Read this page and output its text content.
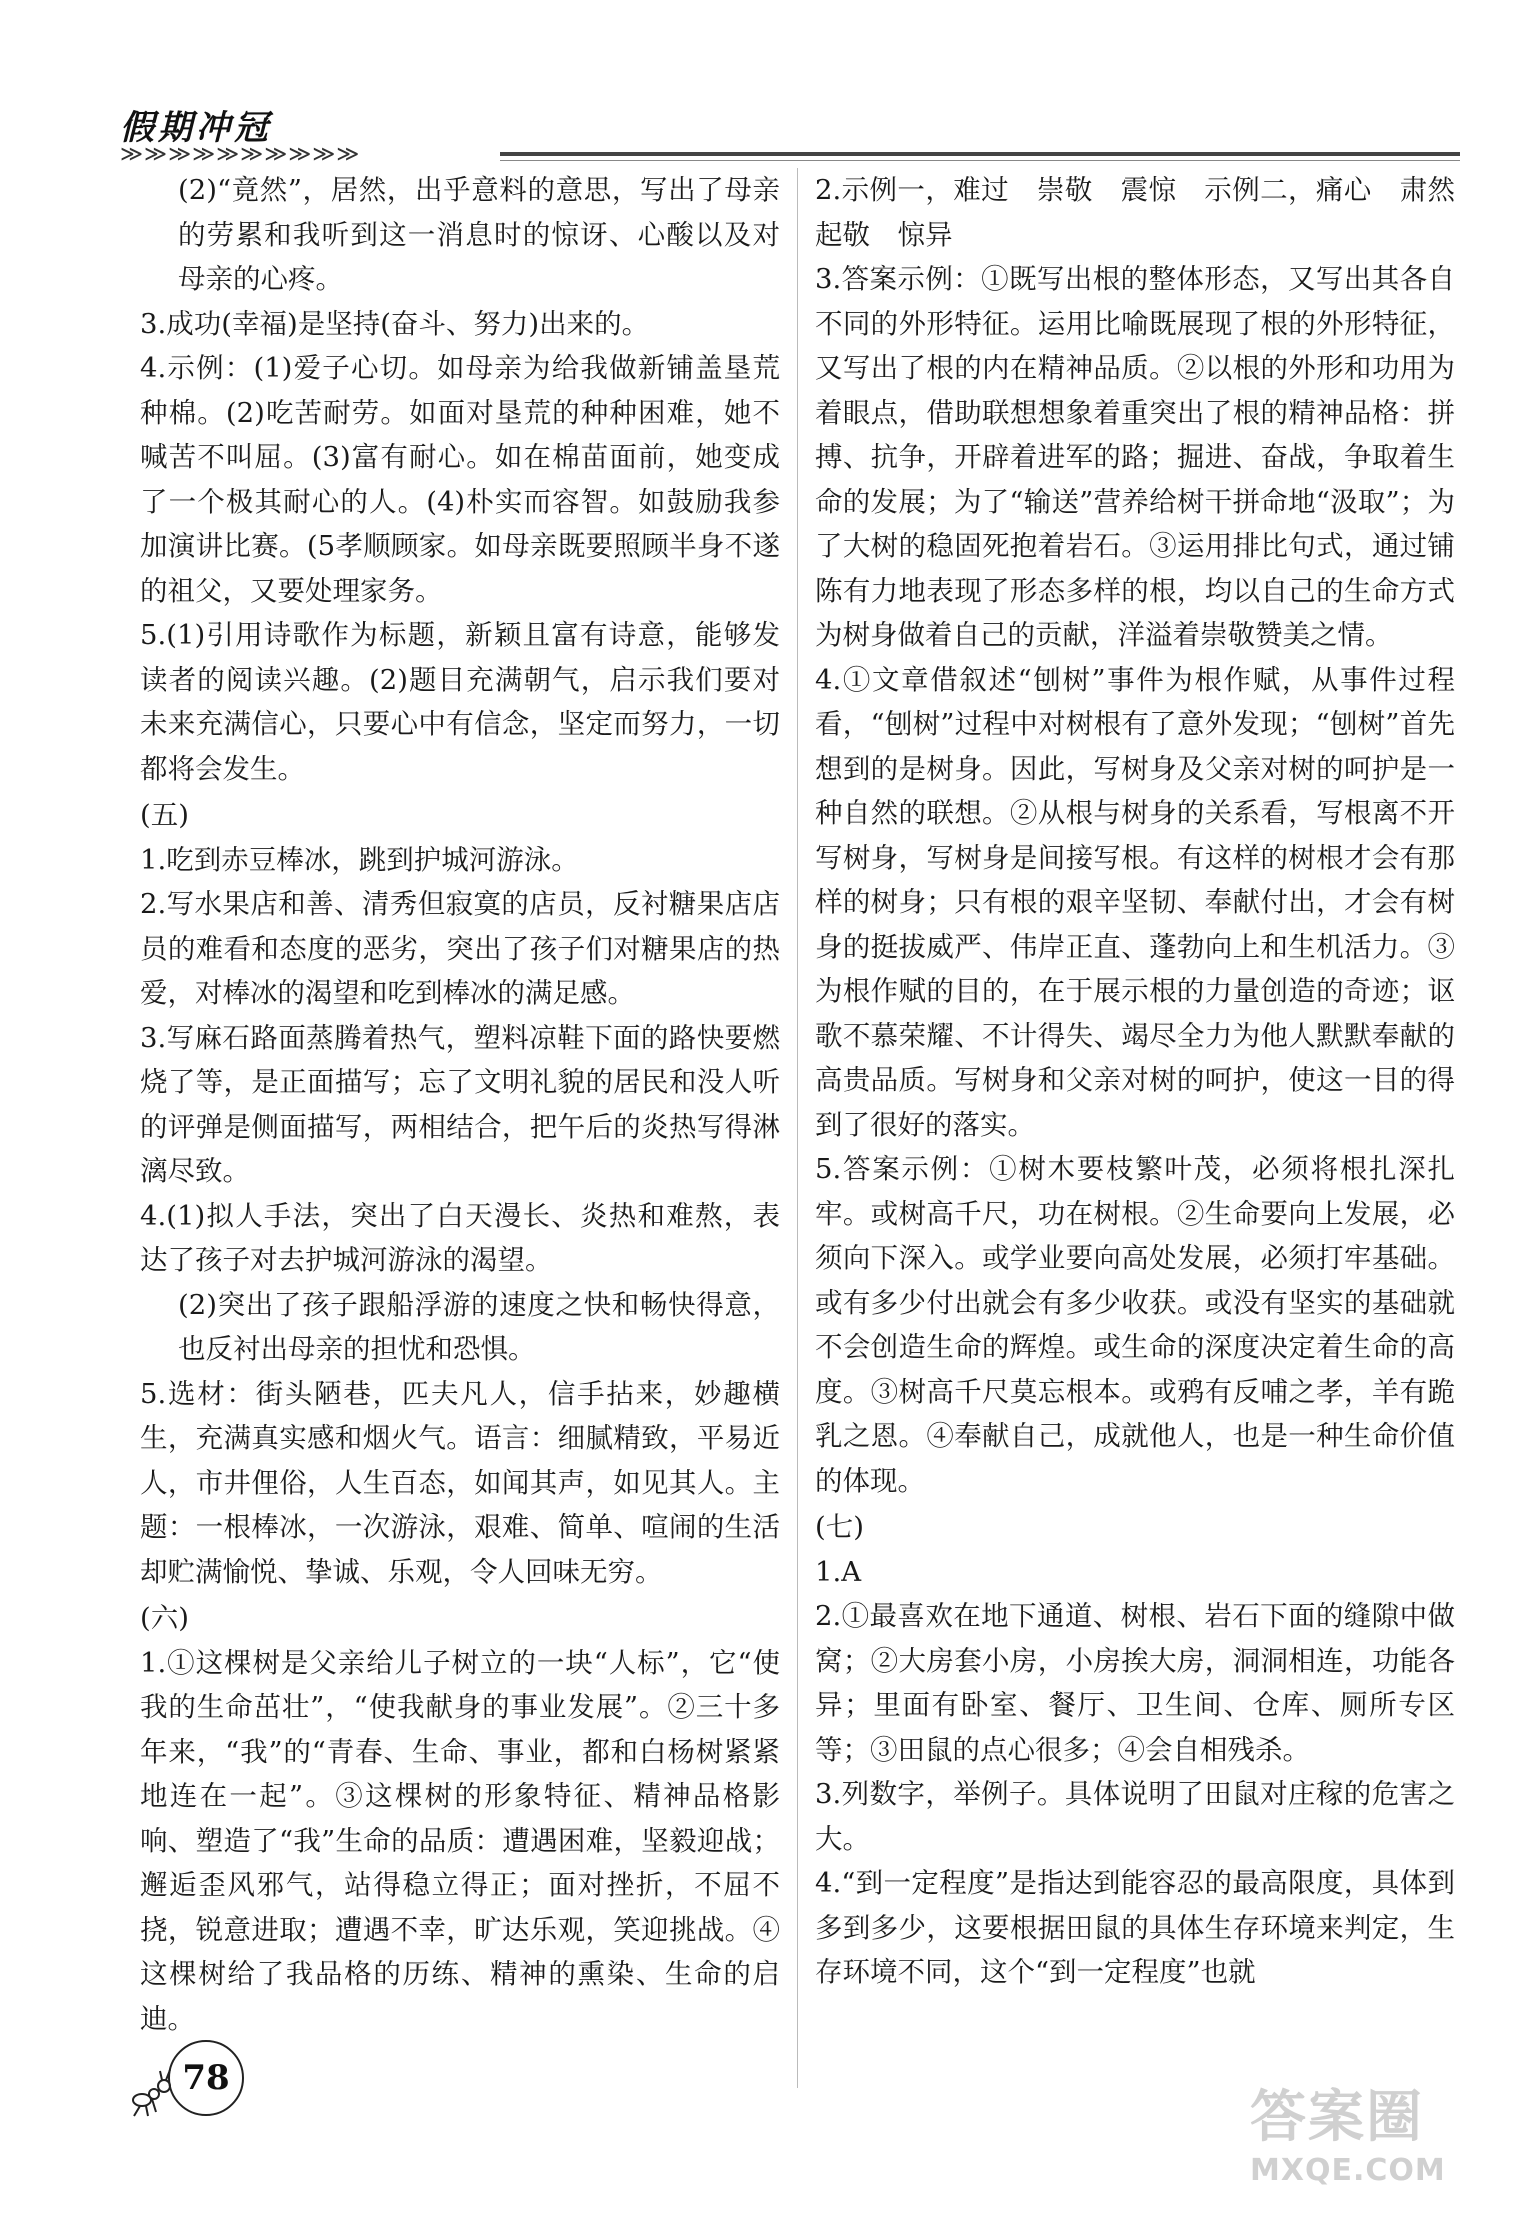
假期冲冠
≫≫≫≫≫≫≫≫≫≫

(2)“竟然”，居然，出乎意料的意思，写出了母亲的劳累和我听到这一消息时的惊讶、心酸以及对母亲的心疼。

3.成功(幸福)是坚持(奋斗、努力)出来的。

4.示例：(1)爱子心切。如母亲为给我做新铺盖垦荒种棉。(2)吃苦耐劳。如面对垦荒的种种困难，她不喊苦不叫屈。(3)富有耐心。如在棉苗面前，她变成了一个极其耐心的人。(4)朴实而容智。如鼓励我参加演讲比赛。(5孝顺顾家。如母亲既要照顾半身不遂的祖父，又要处理家务。

5.(1)引用诗歌作为标题，新颖且富有诗意，能够发读者的阅读兴趣。(2)题目充满朝气，启示我们要对未来充满信心，只要心中有信念，坚定而努力，一切都将会发生。

(五)

1.吃到赤豆棒冰，跳到护城河游泳。

2.写水果店和善、清秀但寂寞的店员，反衬糖果店店员的难看和态度的恶劣，突出了孩子们对糖果店的热爱，对棒冰的渴望和吃到棒冰的满足感。

3.写麻石路面蒸腾着热气，塑料凉鞋下面的路快要燃烧了等，是正面描写；忘了文明礼貌的居民和没人听的评弹是侧面描写，两相结合，把午后的炎热写得淋漓尽致。

4.(1)拟人手法，突出了白天漫长、炎热和难熬，表达了孩子对去护城河游泳的渴望。

(2)突出了孩子跟船浮游的速度之快和畅快得意，也反衬出母亲的担忧和恐惧。

5.选材：街头陋巷，匹夫凡人，信手拈来，妙趣横生，充满真实感和烟火气。语言：细腻精致，平易近人，市井俚俗，人生百态，如闻其声，如见其人。主题：一根棒冰，一次游泳，艰难、简单、喧闹的生活却贮满愉悦、挚诚、乐观，令人回味无穷。

(六)

1.①这棵树是父亲给儿子树立的一块“人标”，它“使我的生命茁壮”，“使我献身的事业发展”。②三十多年来，“我”的“青春、生命、事业，都和白杨树紧紧地连在一起”。③这棵树的形象特征、精神品格影响、塑造了“我”生命的品质：遭遇困难，坚毅迎战；邂逅歪风邪气，站得稳立得正；面对挫折，不屈不挠，锐意进取；遭遇不幸，旷达乐观，笑迎挑战。④这棵树给了我品格的历练、精神的熏染、生命的启迪。

2.示例一，难过　崇敬　震惊　示例二，痛心　肃然起敬　惊异

3.答案示例：①既写出根的整体形态，又写出其各自不同的外形特征。运用比喻既展现了根的外形特征，又写出了根的内在精神品质。②以根的外形和功用为着眼点，借助联想想象着重突出了根的精神品格：拼搏、抗争，开辟着进军的路；掘进、奋战，争取着生命的发展；为了“输送”营养给树干拼命地“汲取”；为了大树的稳固死抱着岩石。③运用排比句式，通过铺陈有力地表现了形态多样的根，均以自己的生命方式为树身做着自己的贡献，洋溢着崇敬赞美之情。

4.①文章借叙述“刨树”事件为根作赋，从事件过程看，“刨树”过程中对树根有了意外发现；“刨树”首先想到的是树身。因此，写树身及父亲对树的呵护是一种自然的联想。②从根与树身的关系看，写根离不开写树身，写树身是间接写根。有这样的树根才会有那样的树身；只有根的艰辛坚韧、奉献付出，才会有树身的挺拔威严、伟岸正直、蓬勃向上和生机活力。③为根作赋的目的，在于展示根的力量创造的奇迹；讴歌不慕荣耀、不计得失、竭尽全力为他人默默奉献的高贵品质。写树身和父亲对树的呵护，使这一目的得到了很好的落实。

5.答案示例：①树木要枝繁叶茂，必须将根扎深扎牢。或树高千尺，功在树根。②生命要向上发展，必须向下深入。或学业要向高处发展，必须打牢基础。或有多少付出就会有多少收获。或没有坚实的基础就不会创造生命的辉煌。或生命的深度决定着生命的高度。③树高千尺莫忘根本。或鸦有反哺之孝，羊有跪乳之恩。④奉献自己，成就他人，也是一种生命价值的体现。

(七)

1.A

2.①最喜欢在地下通道、树根、岩石下面的缝隙中做窝；②大房套小房，小房挨大房，洞洞相连，功能各异；里面有卧室、餐厅、卫生间、仓库、厕所专区等；③田鼠的点心很多；④会自相残杀。

3.列数字，举例子。具体说明了田鼠对庄稼的危害之大。

4.“到一定程度”是指达到能容忍的最高限度，具体到多到多少，这要根据田鼠的具体生存环境来判定，生存环境不同，这个“到一定程度”也就

78
答案圈
MXQE.COM
